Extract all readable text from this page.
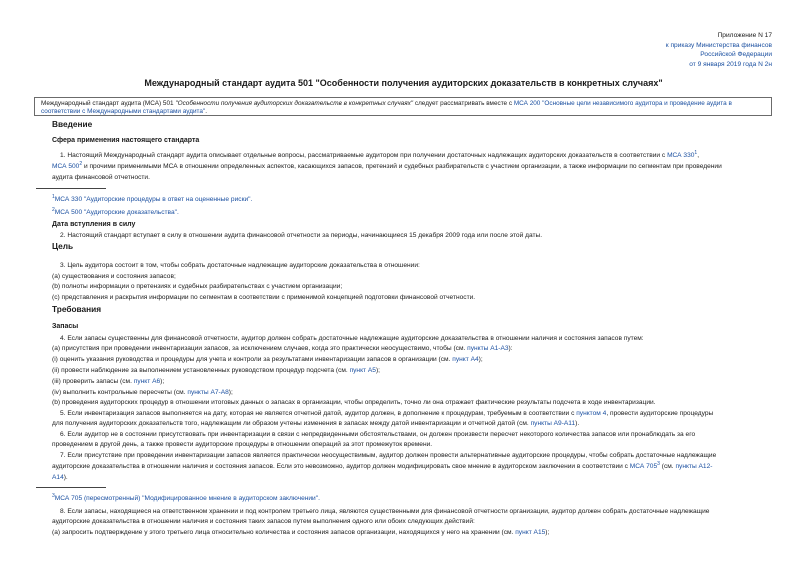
Приложение N 17
к приказу Министерства финансов
Российской Федерации
от 9 января 2019 года N 2н
Международный стандарт аудита 501 "Особенности получения аудиторских доказательств в конкретных случаях"
Международный стандарт аудита (МСА) 501 "Особенности получения аудиторских доказательств в конкретных случаях" следует рассматривать вместе с МСА 200 "Основные цели независимого аудитора и проведение аудита в
соответствии с Международными стандартами аудита".
Введение
Сфера применения настоящего стандарта
1. Настоящий Международный стандарт аудита описывает отдельные вопросы, рассматриваемые аудитором при получении достаточных надлежащих аудиторских доказательств в соответствии с МСА $330^1$,
МСА $500^2$ и прочими применимыми МСА в отношении определенных аспектов, касающихся запасов, претензий и судебных разбирательств с участием организации, а также информации по сегментам при проведении
аудита финансовой отчетности.
$^1$МСА 330 "Аудиторские процедуры в ответ на оцененные риски".
$^2$МСА 500 "Аудиторские доказательства".
Дата вступления в силу
2. Настоящий стандарт вступает в силу в отношении аудита финансовой отчетности за периоды, начинающиеся 15 декабря 2009 года или после этой даты.
Цель
3. Цель аудитора состоит в том, чтобы собрать достаточные надлежащие аудиторские доказательства в отношении:
(a) существования и состояния запасов;
(b) полноты информации о претензиях и судебных разбирательствах с участием организации;
(c) представления и раскрытия информации по сегментам в соответствии с применимой концепцией подготовки финансовой отчетности.
Требования
Запасы
4. Если запасы существенны для финансовой отчетности, аудитор должен собрать достаточные надлежащие аудиторские доказательства в отношении наличия и состояния запасов путем:
(a) присутствия при проведении инвентаризации запасов, за исключением случаев, когда это практически неосуществимо, чтобы (см. пункты А1-А3):
(i) оценить указания руководства и процедуры для учета и контроли за результатами инвентаризации запасов в организации (см. пункт А4);
(ii) провести наблюдение за выполнением установленных руководством процедур подсчета (см. пункт А5);
(iii) проверить запасы (см. пункт А6);
(iv) выполнить контрольные пересчеты (см. пункты А7-А8);
(b) проведения аудиторских процедур в отношении итоговых данных о запасах в организации, чтобы определить, точно ли она отражает фактические результаты подсчета в ходе инвентаризации.
5. Если инвентаризация запасов выполняется на дату, которая не является отчетной датой, аудитор должен, в дополнение к процедурам, требуемым в соответствии с пунктом 4, провести аудиторские процедуры
для получения аудиторских доказательств того, надлежащим ли образом учтены изменения в запасах между датой инвентаризации и отчетной датой (см. пункты А9-А11).
6. Если аудитор не в состоянии присутствовать при инвентаризации в связи с непредвиденными обстоятельствами, он должен произвести пересчет некоторого количества запасов или пронаблюдать за его
проведением в другой день, а также провести аудиторские процедуры в отношении операций за этот промежуток времени.
7. Если присутствие при проведении инвентаризации запасов является практически неосуществимым, аудитор должен провести альтернативные аудиторские процедуры, чтобы собрать достаточные надлежащие
аудиторские доказательства в отношении наличия и состояния запасов. Если это невозможно, аудитор должен модифицировать свое мнение в аудиторском заключении в соответствии с МСА $705^3$ (см. пункты А12-
А14).
$^3$МСА 705 (пересмотренный) "Модифицированное мнение в аудиторском заключении".
8. Если запасы, находящиеся на ответственном хранении и под контролем третьего лица, являются существенными для финансовой отчетности организации, аудитор должен собрать достаточные надлежащие
аудиторские доказательства в отношении наличия и состояния таких запасов путем выполнения одного или обоих следующих действий:
(a) запросить подтверждение у этого третьего лица относительно количества и состояния запасов организации, находящихся у него на хранении (см. пункт А15);
